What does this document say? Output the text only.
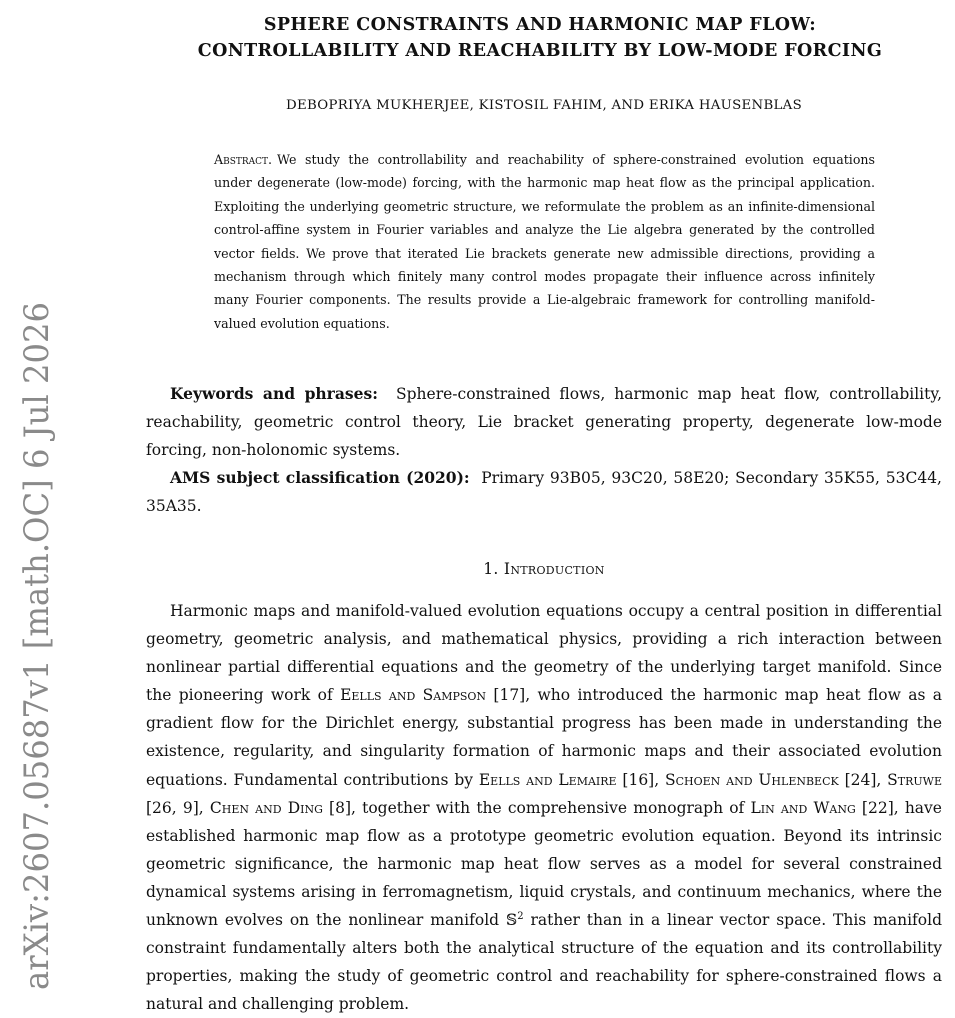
arXiv:2607.05687v1 [math.OC] 6 Jul 2026
SPHERE CONSTRAINTS AND HARMONIC MAP FLOW:
CONTROLLABILITY AND REACHABILITY BY LOW-MODE FORCING
DEBOPRIYA MUKHERJEE, KISTOSIL FAHIM, AND ERIKA HAUSENBLAS
Abstract. We study the controllability and reachability of sphere-constrained evolution equations under degenerate (low-mode) forcing, with the harmonic map heat flow as the principal application. Exploiting the underlying geometric structure, we reformulate the problem as an infinite-dimensional control-affine system in Fourier variables and analyze the Lie algebra generated by the controlled vector fields. We prove that iterated Lie brackets generate new admissible directions, providing a mechanism through which finitely many control modes propagate their influence across infinitely many Fourier components. The results provide a Lie-algebraic framework for controlling manifold-valued evolution equations.
Keywords and phrases: Sphere-constrained flows, harmonic map heat flow, controllability, reachability, geometric control theory, Lie bracket generating property, degenerate low-mode forcing, non-holonomic systems.
AMS subject classification (2020): Primary 93B05, 93C20, 58E20; Secondary 35K55, 53C44, 35A35.
1. Introduction
Harmonic maps and manifold-valued evolution equations occupy a central position in differential geometry, geometric analysis, and mathematical physics, providing a rich interaction between nonlinear partial differential equations and the geometry of the underlying target manifold. Since the pioneering work of Eells and Sampson [17], who introduced the harmonic map heat flow as a gradient flow for the Dirichlet energy, substantial progress has been made in understanding the existence, regularity, and singularity formation of harmonic maps and their associated evolution equations. Fundamental contributions by Eells and Lemaire [16], Schoen and Uhlenbeck [24], Struwe [26, 9], Chen and Ding [8], together with the comprehensive monograph of Lin and Wang [22], have established harmonic map flow as a prototype geometric evolution equation. Beyond its intrinsic geometric significance, the harmonic map heat flow serves as a model for several constrained dynamical systems arising in ferromagnetism, liquid crystals, and continuum mechanics, where the unknown evolves on the nonlinear manifold 𝕊$^2$ rather than in a linear vector space. This manifold constraint fundamentally alters both the analytical structure of the equation and its controllability properties, making the study of geometric control and reachability for sphere-constrained flows a natural and challenging problem.
